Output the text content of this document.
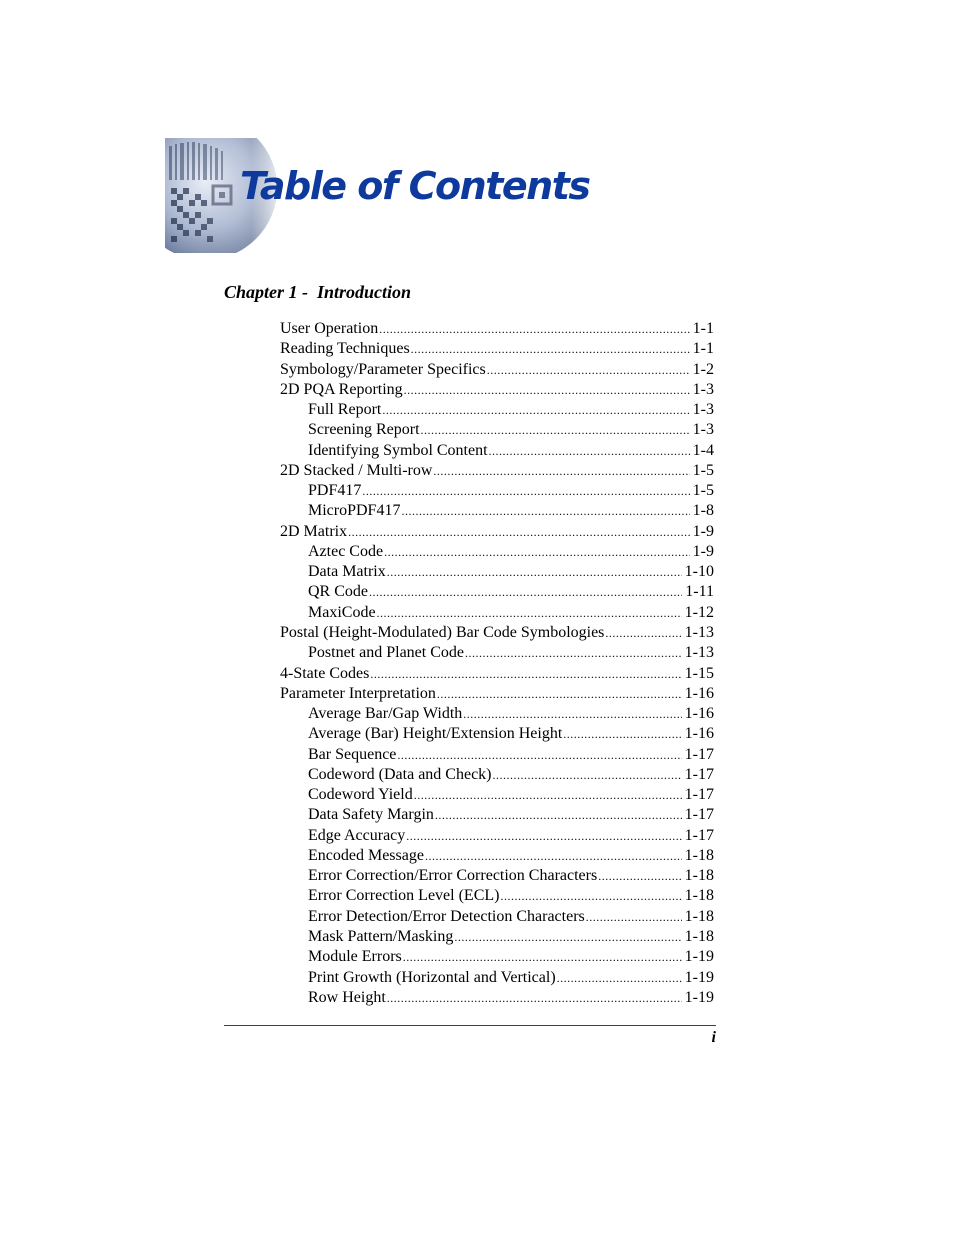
Table of Contents
Chapter 1 -  Introduction
User Operation .....	1-1
Reading Techniques .....	1-1
Symbology/Parameter Specifics .....	1-2
2D PQA Reporting .....	1-3
Full Report .....	1-3
Screening Report .....	1-3
Identifying Symbol Content .....	1-4
2D Stacked / Multi-row .....	1-5
PDF417 .....	1-5
MicroPDF417 .....	1-8
2D Matrix .....	1-9
Aztec Code .....	1-9
Data Matrix .....	1-10
QR Code .....	1-11
MaxiCode .....	1-12
Postal (Height-Modulated) Bar Code Symbologies .....	1-13
Postnet and Planet Code .....	1-13
4-State Codes .....	1-15
Parameter Interpretation .....	1-16
Average Bar/Gap Width .....	1-16
Average (Bar) Height/Extension Height .....	1-16
Bar Sequence .....	1-17
Codeword (Data and Check) .....	1-17
Codeword Yield .....	1-17
Data Safety Margin .....	1-17
Edge Accuracy .....	1-17
Encoded Message .....	1-18
Error Correction/Error Correction Characters .....	1-18
Error Correction Level (ECL) .....	1-18
Error Detection/Error Detection Characters .....	1-18
Mask Pattern/Masking .....	1-18
Module Errors .....	1-19
Print Growth (Horizontal and Vertical) .....	1-19
Row Height .....	1-19
i
